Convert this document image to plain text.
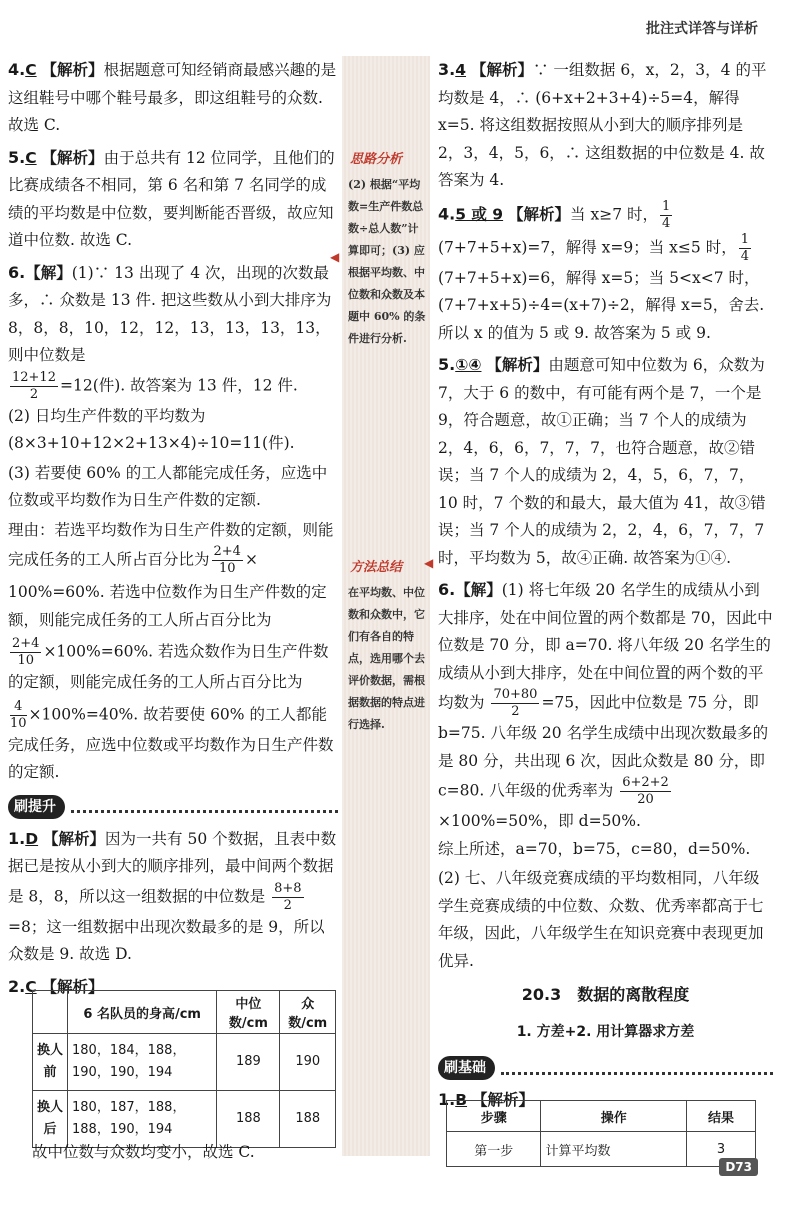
批注式详答与详析

4.C 【解析】根据题意可知经销商最感兴趣的是这组鞋号中哪个鞋号最多，即这组鞋号的众数. 故选 C.

5.C 【解析】由于总共有 12 位同学，且他们的比赛成绩各不相同，第 6 名和第 7 名同学的成绩的平均数是中位数，要判断能否晋级，故应知道中位数. 故选 C.

6.【解】(1)∵ 13 出现了 4 次，出现的次数最多，∴ 众数是 13 件. 把这些数从小到大排序为 8，8，8，10，12，12，13，13，13，13，则中位数是

$\frac{12+12}{2} =12$(件). 故答案为 13 件，12 件.

(2) 日均生产件数的平均数为(8×3+10+12×2+13×4)÷10=11(件).

(3) 若要使 60% 的工人都能完成任务，应选中位数或平均数作为日生产件数的定额.

理由：若选平均数作为日生产件数的定额，则能完成任务的工人所占百分比为 $\frac{2+4}{10}$ ×

100%=60%. 若选中位数作为日生产件数的定额，则能完成任务的工人所占百分比为

$\frac{2+4}{10} \times 100\%=60\%$. 若选众数作为日生产件数的定额，则能完成任务的工人所占百分比为

$\frac{4}{10} \times 100\%=40\%$. 故若要使 60% 的工人都能完成任务，应选中位数或平均数作为日生产件数的定额.

刷提升

1.D 【解析】因为一共有 50 个数据，且表中数据已是按从小到大的顺序排列，最中间两个数据是 8，8，所以这一组数据的中位数是 $\frac{8+8}{2}$
=8；这一组数据中出现次数最多的是 9，所以众数是 9. 故选 D.

2.C 【解析】

	6 名队员的身高/cm	中位数/cm	众数/cm
换人前	180，184，188，190，190，194	189	190
换人后	180，187，188，188，190，194	188	188
故中位数与众数均变小，故选 C.
思路分析
(2) 根据“平均数=生产件数总数÷总人数”计算即可；(3) 应根据平均数、中位数和众数及本题中 60% 的条件进行分析.
方法总结
在平均数、中位数和众数中，它们有各自的特点，选用哪个去评价数据，需根据数据的特点进行选择.
◀
◀

3.4 【解析】∵ 一组数据 6，x，2，3，4 的平均数是 4，∴ (6+x+2+3+4)÷5=4，解得 x=5. 将这组数据按照从小到大的顺序排列是 2，3，4，5，6，∴ 这组数据的中位数是 4. 故答案为 4.

4.5 或 9 【解析】当 x≥7 时， $\frac{1}{4}$
(7+7+5+x)=7，解得 x=9；当 x≤5 时， $\frac{1}{4}$
(7+7+5+x)=6，解得 x=5；当 5<x<7 时，(7+7+x+5)÷4=(x+7)÷2，解得 x=5，舍去. 所以 x 的值为 5 或 9. 故答案为 5 或 9.

5.①④ 【解析】由题意可知中位数为 6，众数为 7，大于 6 的数中，有可能有两个是 7，一个是 9，符合题意，故①正确；当 7 个人的成绩为 2，4，6，6，7，7，7，也符合题意，故②错误；当 7 个人的成绩为 2，4，5，6，7，7，10 时，7 个数的和最大，最大值为 41，故③错误；当 7 个人的成绩为 2，2，4，6，7，7，7 时，平均数为 5，故④正确. 故答案为①④.

6.【解】(1) 将七年级 20 名学生的成绩从小到大排序，处在中间位置的两个数都是 70，因此中位数是 70 分，即 a=70. 将八年级 20 名学生的成绩从小到大排序，处在中间位置的两个数的平均数为 $\frac{70+80}{2} =75$，因此中位数是 75 分，即 b=75. 八年级 20 名学生成绩中出现次数最多的是 80 分，共出现 6 次，因此众数是 80 分，即 c=80. 八年级的优秀率为 $\frac{6+2+2}{20}$
×100%=50%，即 d=50%.

综上所述，a=70，b=75，c=80，d=50%.

(2) 七、八年级竞赛成绩的平均数相同，八年级学生竞赛成绩的中位数、众数、优秀率都高于七年级，因此，八年级学生在知识竞赛中表现更加优异.

20.3　数据的离散程度
1. 方差+2. 用计算器求方差
刷基础

1.B 【解析】

步骤	操作	结果
第一步	计算平均数	3
D73
